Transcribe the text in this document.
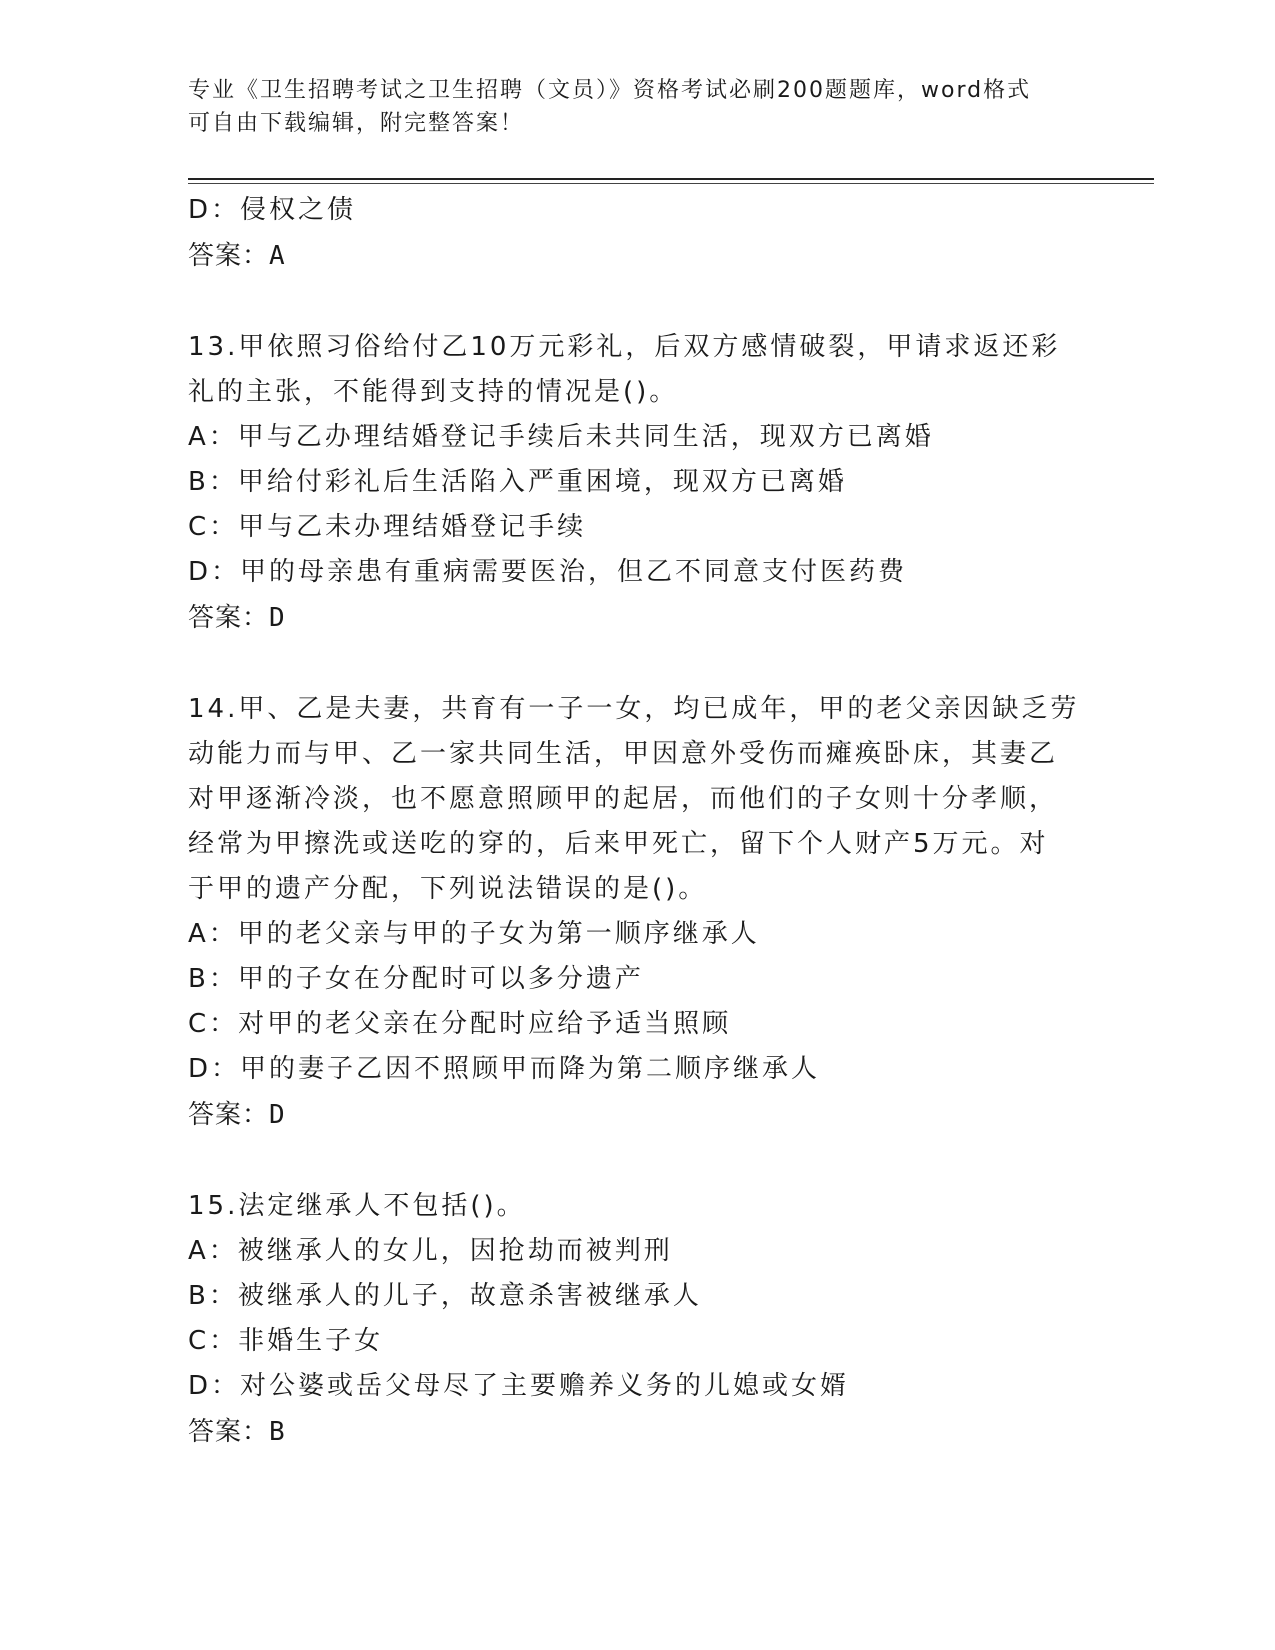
专业《卫生招聘考试之卫生招聘（文员）》资格考试必刷200题题库，word格式
可自由下载编辑，附完整答案！
D：侵权之债
答案：A
13.甲依照习俗给付乙10万元彩礼，后双方感情破裂，甲请求返还彩
礼的主张，不能得到支持的情况是()。
A：甲与乙办理结婚登记手续后未共同生活，现双方已离婚
B：甲给付彩礼后生活陷入严重困境，现双方已离婚
C：甲与乙未办理结婚登记手续
D：甲的母亲患有重病需要医治，但乙不同意支付医药费
答案：D
14.甲、乙是夫妻，共育有一子一女，均已成年，甲的老父亲因缺乏劳
动能力而与甲、乙一家共同生活，甲因意外受伤而瘫痪卧床，其妻乙
对甲逐渐冷淡，也不愿意照顾甲的起居，而他们的子女则十分孝顺，
经常为甲擦洗或送吃的穿的，后来甲死亡，留下个人财产5万元。对
于甲的遗产分配，下列说法错误的是()。
A：甲的老父亲与甲的子女为第一顺序继承人
B：甲的子女在分配时可以多分遗产
C：对甲的老父亲在分配时应给予适当照顾
D：甲的妻子乙因不照顾甲而降为第二顺序继承人
答案：D
15.法定继承人不包括()。
A：被继承人的女儿，因抢劫而被判刑
B：被继承人的儿子，故意杀害被继承人
C：非婚生子女
D：对公婆或岳父母尽了主要赡养义务的儿媳或女婿
答案：B
